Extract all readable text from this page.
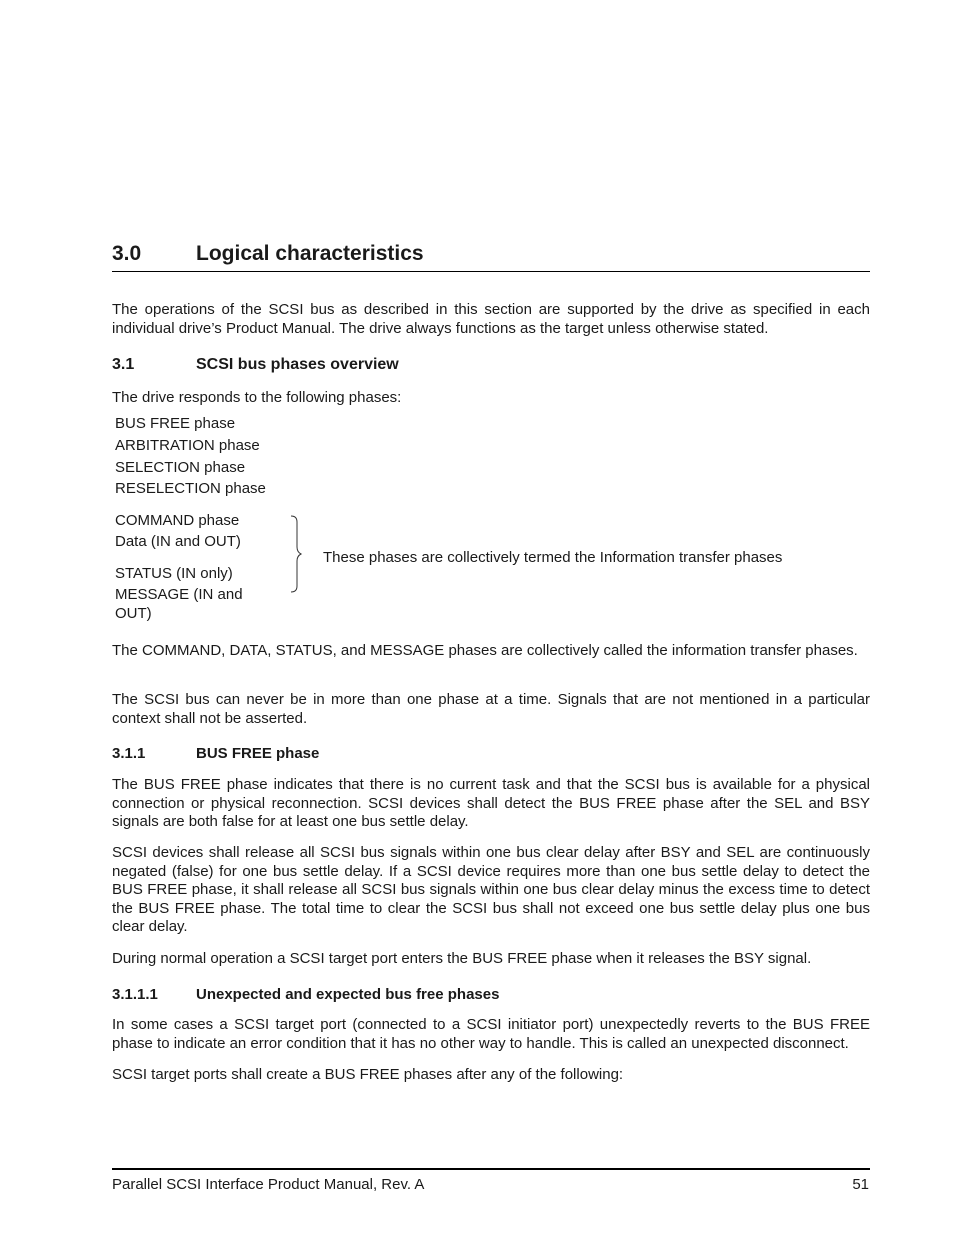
3.0	Logical characteristics
The operations of the SCSI bus as described in this section are supported by the drive as specified in each individual drive’s Product Manual. The drive always functions as the target unless otherwise stated.
3.1	SCSI bus phases overview
The drive responds to the following phases:
BUS FREE phase
ARBITRATION phase
SELECTION phase
RESELECTION phase
COMMAND phase
Data (IN and OUT)
STATUS (IN only)
MESSAGE (IN and
OUT)
These phases are collectively termed the Information transfer phases
The COMMAND, DATA, STATUS, and MESSAGE phases are collectively called the information transfer phases.
The SCSI bus can never be in more than one phase at a time. Signals that are not mentioned in a particular context shall not be asserted.
3.1.1	BUS FREE phase
The BUS FREE phase indicates that there is no current task and that the SCSI bus is available for a physical connection or physical reconnection. SCSI devices shall detect the BUS FREE phase after the SEL and BSY signals are both false for at least one bus settle delay.
SCSI devices shall release all SCSI bus signals within one bus clear delay after BSY and SEL are continuously negated (false) for one bus settle delay. If a SCSI device requires more than one bus settle delay to detect the BUS FREE phase, it shall release all SCSI bus signals within one bus clear delay minus the excess time to detect the BUS FREE phase. The total time to clear the SCSI bus shall not exceed one bus settle delay plus one bus clear delay.
During normal operation a SCSI target port enters the BUS FREE phase when it releases the BSY signal.
3.1.1.1	Unexpected and expected bus free phases
In some cases a SCSI target port (connected to a SCSI initiator port) unexpectedly reverts to the BUS FREE phase to indicate an error condition that it has no other way to handle. This is called an unexpected disconnect.
SCSI target ports shall create a BUS FREE phases after any of the following:
Parallel SCSI Interface Product Manual, Rev. A	51
